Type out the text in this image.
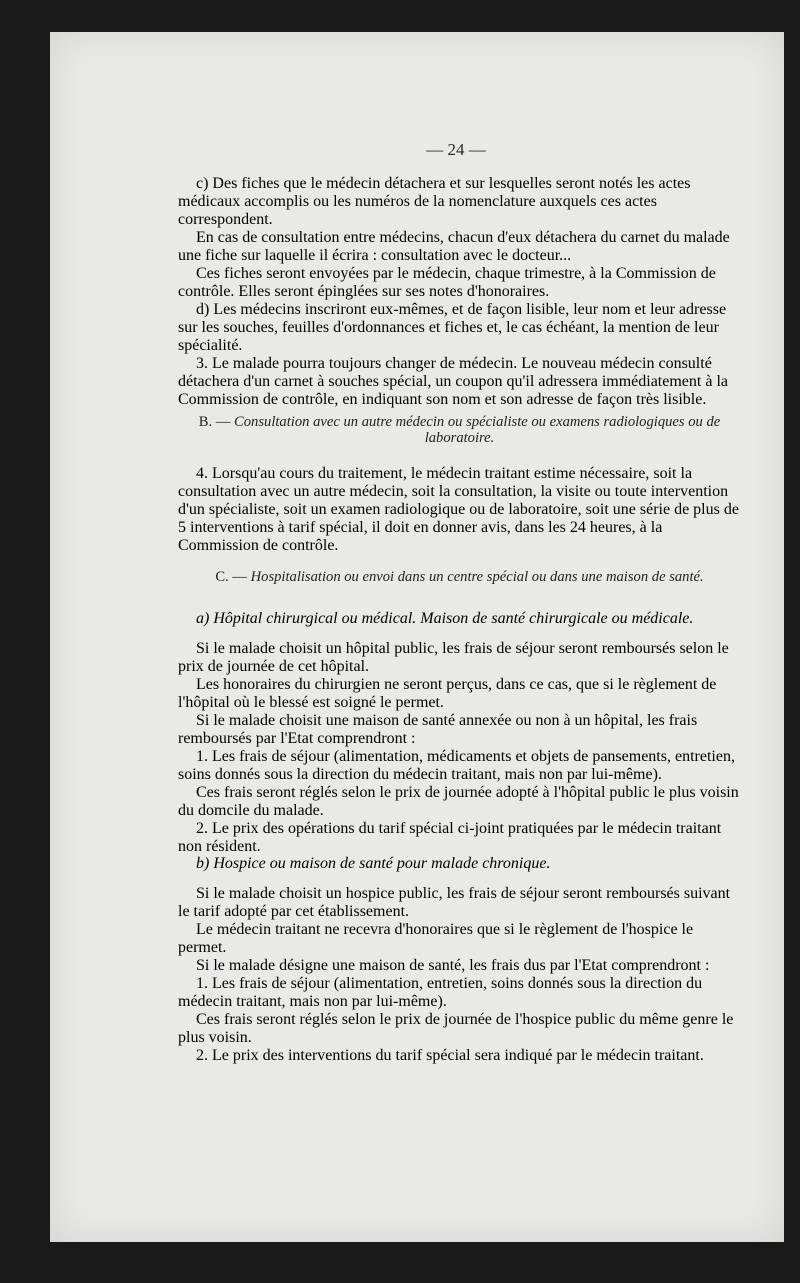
— 24 —

c) Des fiches que le médecin détachera et sur lesquelles seront notés les actes médicaux accomplis ou les numéros de la nomenclature auxquels ces actes correspondent.

En cas de consultation entre médecins, chacun d'eux détachera du carnet du malade une fiche sur laquelle il écrira : consultation avec le docteur...

Ces fiches seront envoyées par le médecin, chaque trimestre, à la Commission de contrôle. Elles seront épinglées sur ses notes d'honoraires.

d) Les médecins inscriront eux-mêmes, et de façon lisible, leur nom et leur adresse sur les souches, feuilles d'ordonnances et fiches et, le cas échéant, la mention de leur spécialité.

3. Le malade pourra toujours changer de médecin. Le nouveau médecin consulté détachera d'un carnet à souches spécial, un coupon qu'il adressera immédiatement à la Commission de contrôle, en indiquant son nom et son adresse de façon très lisible.

B. — Consultation avec un autre médecin ou spécialiste ou examens radiologiques ou de laboratoire.

4. Lorsqu'au cours du traitement, le médecin traitant estime nécessaire, soit la consultation avec un autre médecin, soit la consultation, la visite ou toute intervention d'un spécialiste, soit un examen radiologique ou de laboratoire, soit une série de plus de 5 interventions à tarif spécial, il doit en donner avis, dans les 24 heures, à la Commission de contrôle.

C. — Hospitalisation ou envoi dans un centre spécial ou dans une maison de santé.
a) Hôpital chirurgical ou médical. Maison de santé chirurgicale ou médicale.

Si le malade choisit un hôpital public, les frais de séjour seront remboursés selon le prix de journée de cet hôpital.

Les honoraires du chirurgien ne seront perçus, dans ce cas, que si le règlement de l'hôpital où le blessé est soigné le permet.

Si le malade choisit une maison de santé annexée ou non à un hôpital, les frais remboursés par l'Etat comprendront :

1. Les frais de séjour (alimentation, médicaments et objets de pansements, entretien, soins donnés sous la direction du médecin traitant, mais non par lui-même).

Ces frais seront réglés selon le prix de journée adopté à l'hôpital public le plus voisin du domcile du malade.

2. Le prix des opérations du tarif spécial ci-joint pratiquées par le médecin traitant non résident.

b) Hospice ou maison de santé pour malade chronique.

Si le malade choisit un hospice public, les frais de séjour seront remboursés suivant le tarif adopté par cet établissement.

Le médecin traitant ne recevra d'honoraires que si le règlement de l'hospice le permet.

Si le malade désigne une maison de santé, les frais dus par l'Etat comprendront :

1. Les frais de séjour (alimentation, entretien, soins donnés sous la direction du médecin traitant, mais non par lui-même).

Ces frais seront réglés selon le prix de journée de l'hospice public du même genre le plus voisin.

2. Le prix des interventions du tarif spécial sera indiqué par le médecin traitant.
